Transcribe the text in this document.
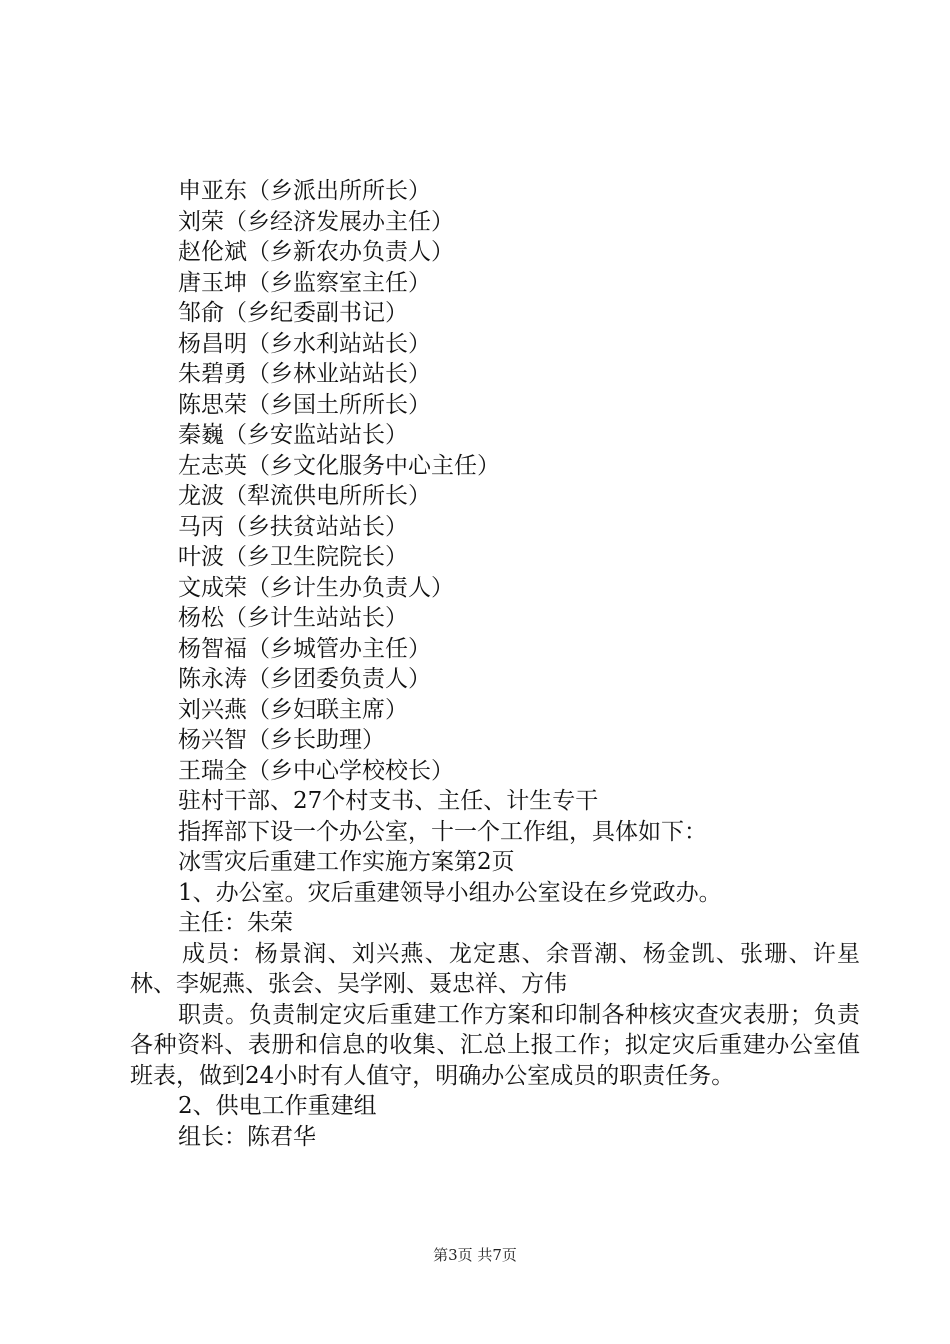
申亚东（乡派出所所长）
刘荣（乡经济发展办主任）
赵伦斌（乡新农办负责人）
唐玉坤（乡监察室主任）
邹俞（乡纪委副书记）
杨昌明（乡水利站站长）
朱碧勇（乡林业站站长）
陈思荣（乡国土所所长）
秦巍（乡安监站站长）
左志英（乡文化服务中心主任）
龙波（犁流供电所所长）
马丙（乡扶贫站站长）
叶波（乡卫生院院长）
文成荣（乡计生办负责人）
杨松（乡计生站站长）
杨智福（乡城管办主任）
陈永涛（乡团委负责人）
刘兴燕（乡妇联主席）
杨兴智（乡长助理）
王瑞全（乡中心学校校长）
驻村干部、27个村支书、主任、计生专干
指挥部下设一个办公室，十一个工作组，具体如下：
冰雪灾后重建工作实施方案第2页
1、办公室。灾后重建领导小组办公室设在乡党政办。
主任：朱荣

成员：杨景润、刘兴燕、龙定惠、余晋潮、杨金凯、张珊、许星林、李妮燕、张会、吴学刚、聂忠祥、方伟

职责。负责制定灾后重建工作方案和印制各种核灾查灾表册；负责各种资料、表册和信息的收集、汇总上报工作；拟定灾后重建办公室值班表，做到24小时有人值守，明确办公室成员的职责任务。

2、供电工作重建组
组长：陈君华
第3页 共7页
